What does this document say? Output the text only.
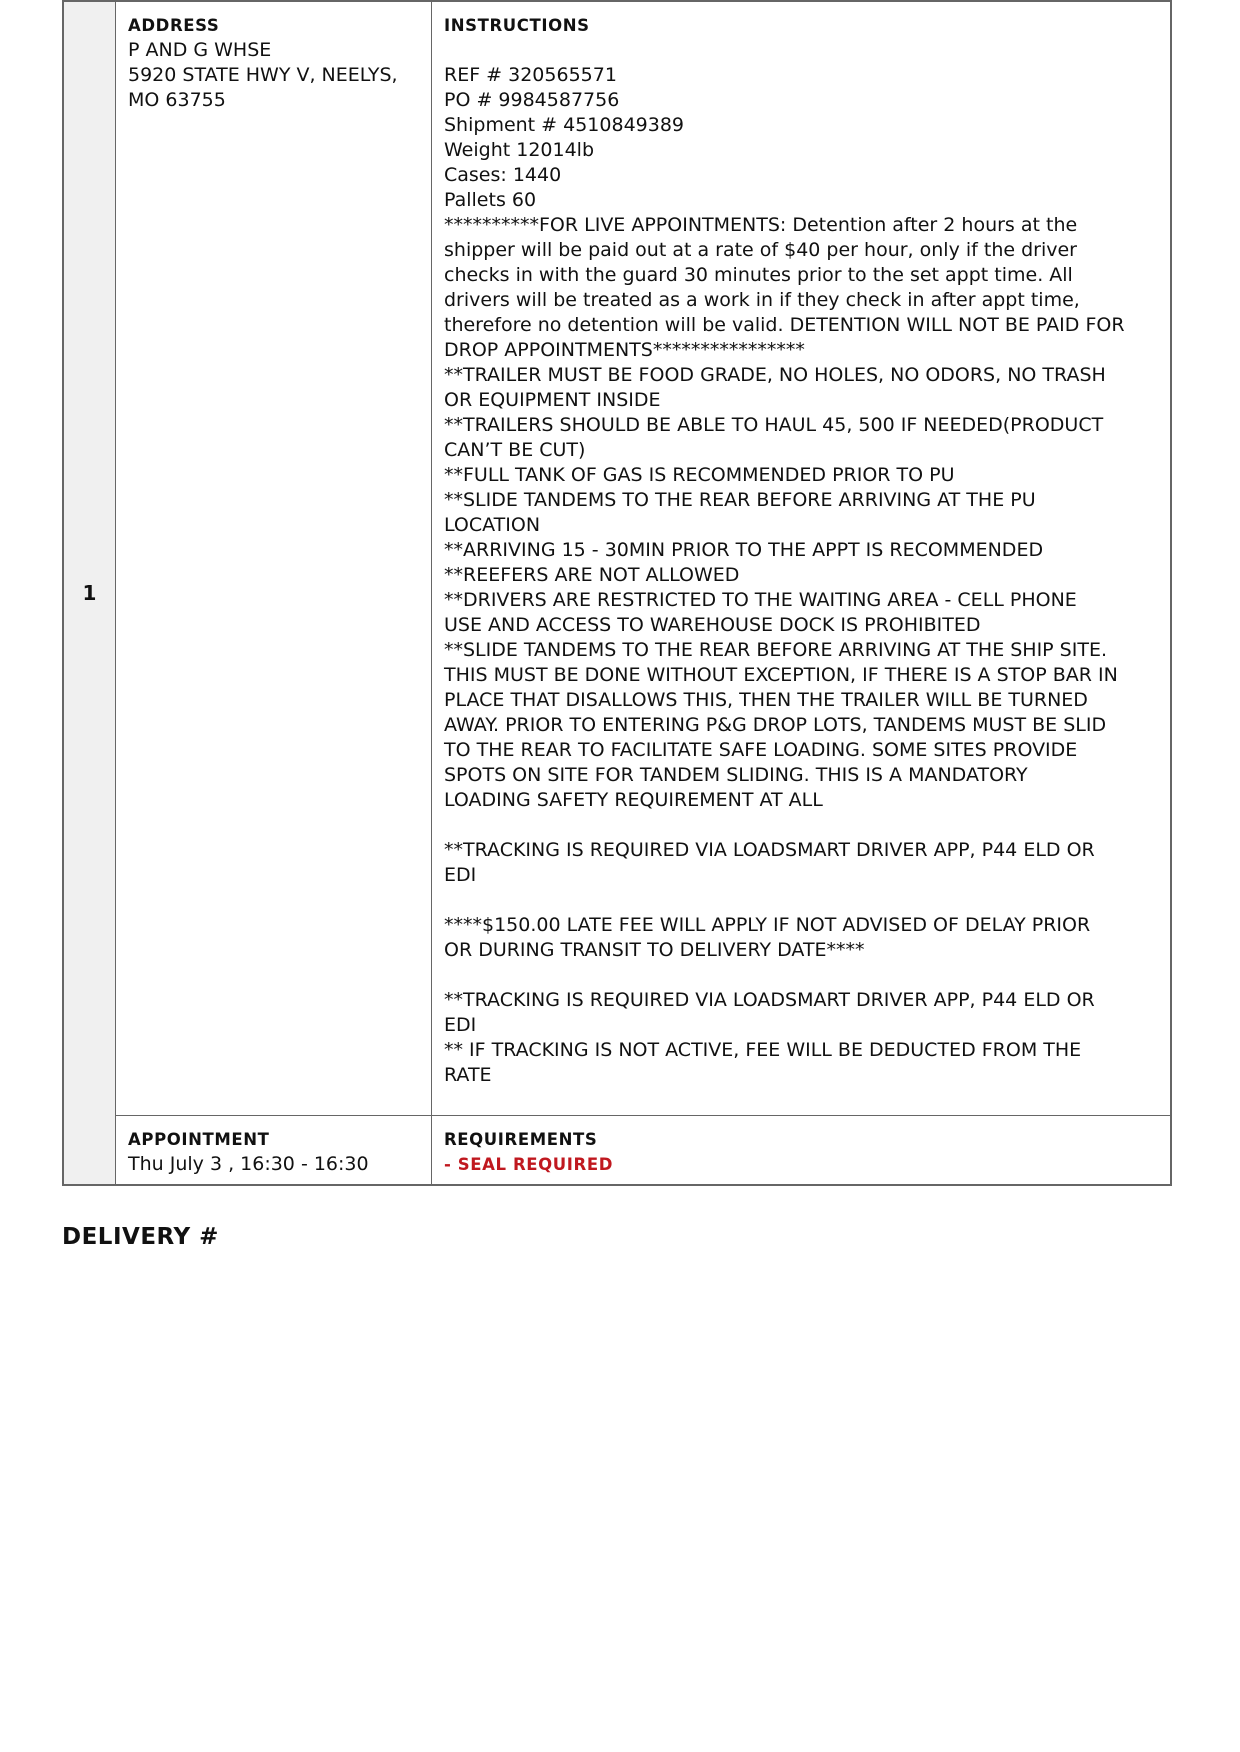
1
ADDRESS
P AND G WHSE
5920 STATE HWY V, NEELYS,
MO 63755
INSTRUCTIONS

REF # 320565571
PO # 9984587756
Shipment # 4510849389
Weight 12014lb
Cases: 1440
Pallets 60
**********FOR LIVE APPOINTMENTS: Detention after 2 hours at the
shipper will be paid out at a rate of $40 per hour, only if the driver
checks in with the guard 30 minutes prior to the set appt time. All
drivers will be treated as a work in if they check in after appt time,
therefore no detention will be valid. DETENTION WILL NOT BE PAID FOR
DROP APPOINTMENTS****************
**TRAILER MUST BE FOOD GRADE, NO HOLES, NO ODORS, NO TRASH
OR EQUIPMENT INSIDE
**TRAILERS SHOULD BE ABLE TO HAUL 45, 500 IF NEEDED(PRODUCT
CAN’T BE CUT)
**FULL TANK OF GAS IS RECOMMENDED PRIOR TO PU
**SLIDE TANDEMS TO THE REAR BEFORE ARRIVING AT THE PU
LOCATION
**ARRIVING 15 - 30MIN PRIOR TO THE APPT IS RECOMMENDED
**REEFERS ARE NOT ALLOWED
**DRIVERS ARE RESTRICTED TO THE WAITING AREA - CELL PHONE
USE AND ACCESS TO WAREHOUSE DOCK IS PROHIBITED
**SLIDE TANDEMS TO THE REAR BEFORE ARRIVING AT THE SHIP SITE.
THIS MUST BE DONE WITHOUT EXCEPTION, IF THERE IS A STOP BAR IN
PLACE THAT DISALLOWS THIS, THEN THE TRAILER WILL BE TURNED
AWAY. PRIOR TO ENTERING P&G DROP LOTS, TANDEMS MUST BE SLID
TO THE REAR TO FACILITATE SAFE LOADING. SOME SITES PROVIDE
SPOTS ON SITE FOR TANDEM SLIDING. THIS IS A MANDATORY
LOADING SAFETY REQUIREMENT AT ALL

**TRACKING IS REQUIRED VIA LOADSMART DRIVER APP, P44 ELD OR
EDI

****$150.00 LATE FEE WILL APPLY IF NOT ADVISED OF DELAY PRIOR
OR DURING TRANSIT TO DELIVERY DATE****

**TRACKING IS REQUIRED VIA LOADSMART DRIVER APP, P44 ELD OR
EDI
** IF TRACKING IS NOT ACTIVE, FEE WILL BE DEDUCTED FROM THE
RATE
APPOINTMENT
Thu July 3 , 16:30 - 16:30
REQUIREMENTS
- SEAL REQUIRED
DELIVERY #
